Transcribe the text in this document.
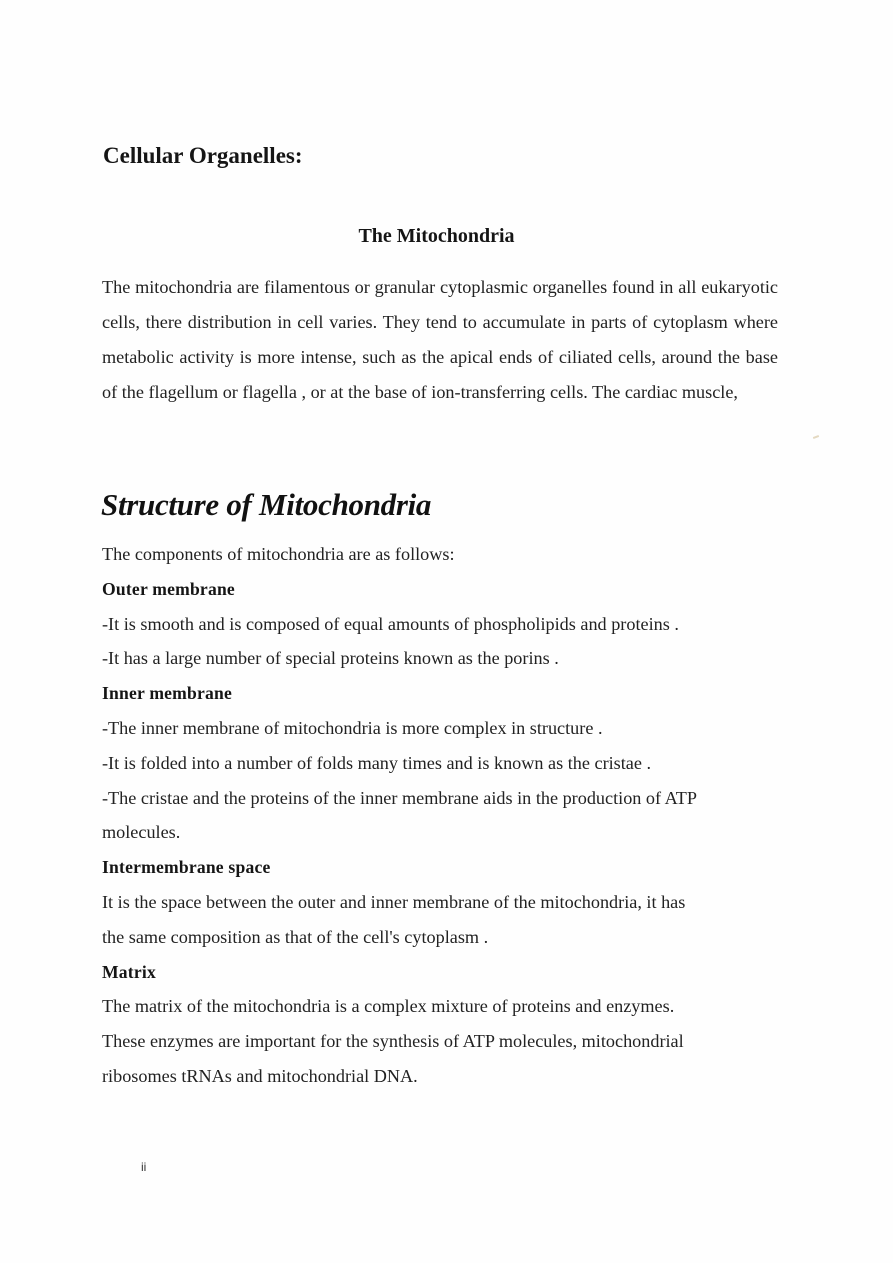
Cellular Organelles:
The Mitochondria

The mitochondria are filamentous or granular cytoplasmic organelles found in all eukaryotic cells, there distribution in cell varies. They tend to accumulate in parts of cytoplasm where metabolic activity is more intense, such as the apical ends of ciliated cells, around the base of the flagellum or flagella , or at the base of ion-transferring cells. The cardiac muscle,

Structure of Mitochondria
The components of mitochondria are as follows:
Outer membrane
-It is smooth and is composed of equal amounts of phospholipids and proteins .
-It has a large number of special proteins known as the porins .
Inner membrane
-The inner membrane of mitochondria is more complex in structure .
-It is folded into a number of folds many times and is known as the cristae .
-The cristae and the proteins of the inner membrane aids in the production of ATP
molecules.
Intermembrane space
It is the space between the outer and inner membrane of the mitochondria, it has
the same composition as that of the cell's cytoplasm .
Matrix
The matrix of the mitochondria is a complex mixture of proteins and enzymes.
These enzymes are important for the synthesis of ATP molecules, mitochondrial
ribosomes tRNAs and mitochondrial DNA.
ii
